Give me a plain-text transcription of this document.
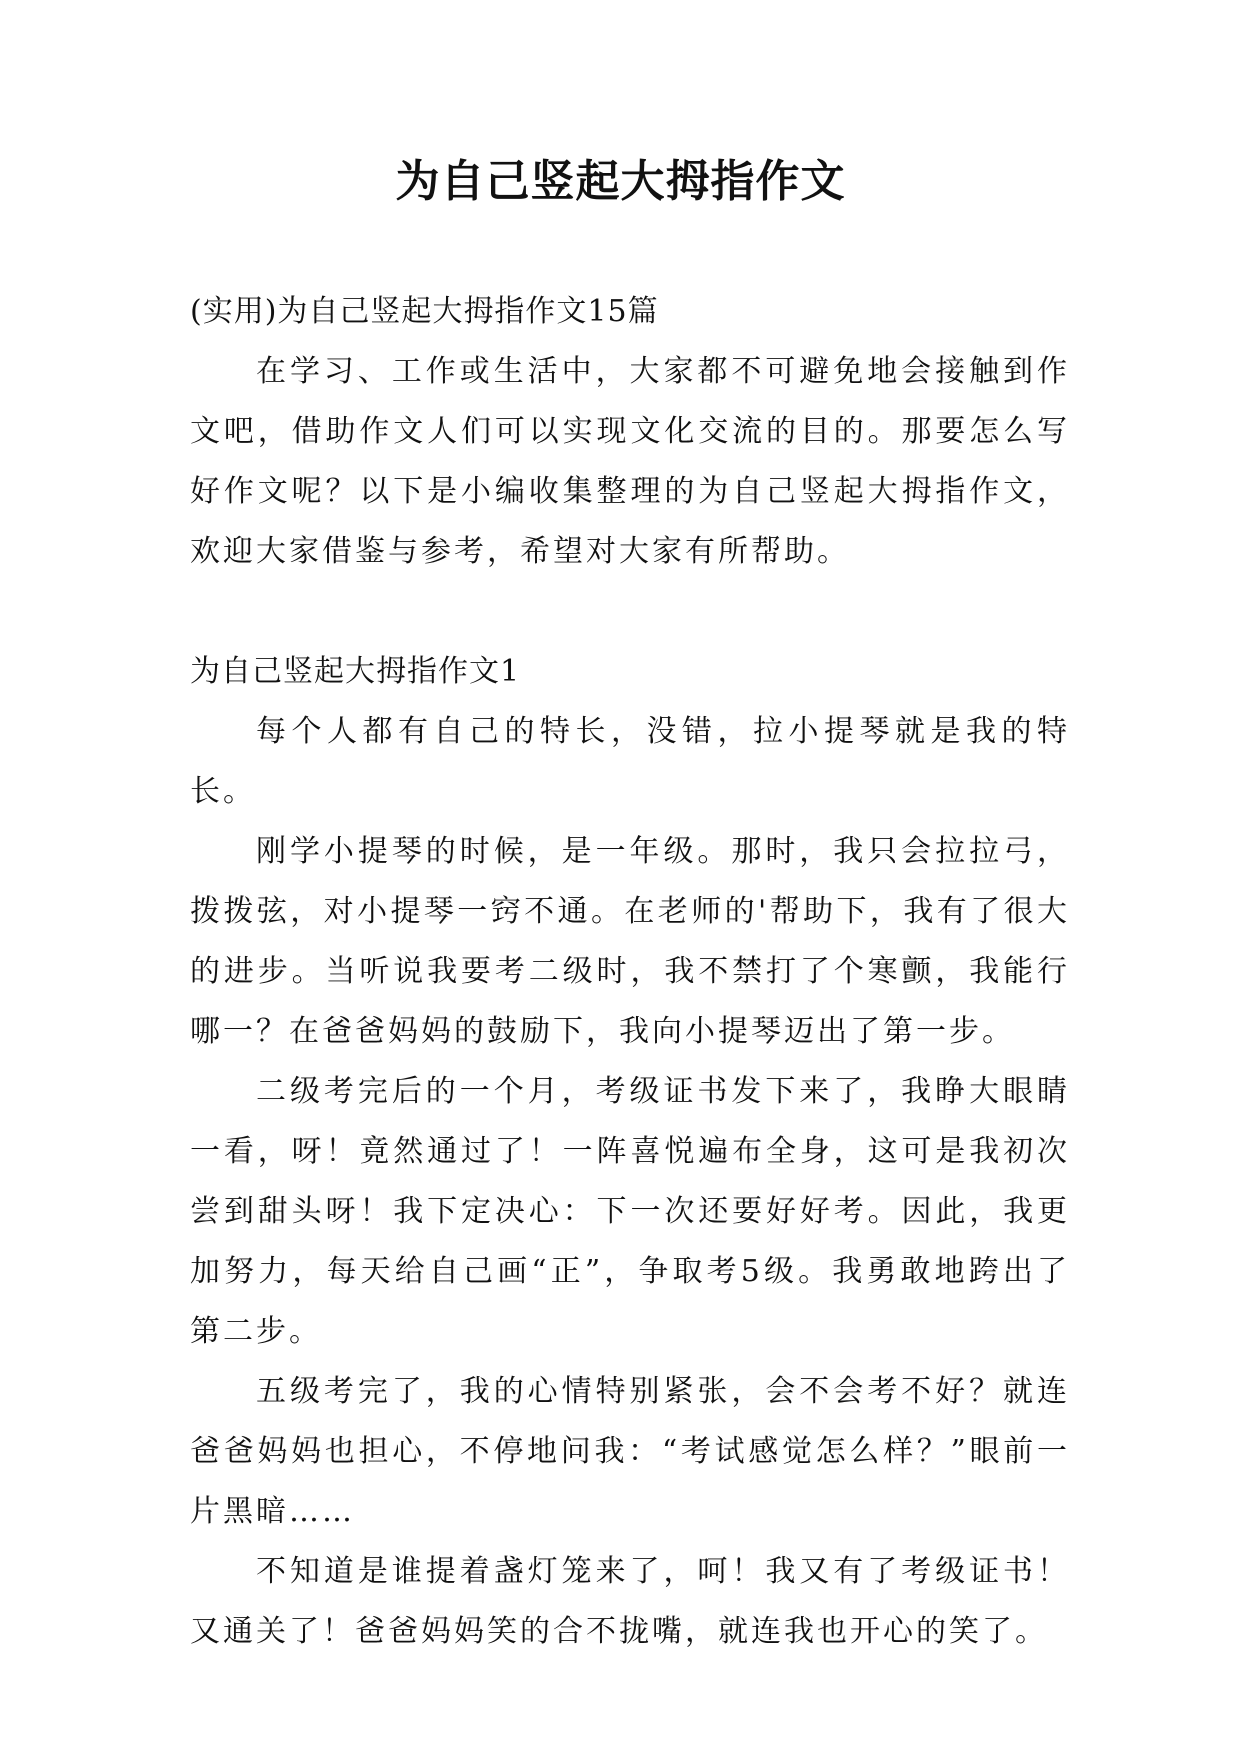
为自己竖起大拇指作文

(实用)为自己竖起大拇指作文15篇

在学习、工作或生活中，大家都不可避免地会接触到作文吧，借助作文人们可以实现文化交流的目的。那要怎么写好作文呢？以下是小编收集整理的为自己竖起大拇指作文，欢迎大家借鉴与参考，希望对大家有所帮助。

为自己竖起大拇指作文1

每个人都有自己的特长，没错，拉小提琴就是我的特长。

刚学小提琴的时候，是一年级。那时，我只会拉拉弓，拨拨弦，对小提琴一窍不通。在老师的'帮助下，我有了很大的进步。当听说我要考二级时，我不禁打了个寒颤，我能行哪一？在爸爸妈妈的鼓励下，我向小提琴迈出了第一步。

二级考完后的一个月，考级证书发下来了，我睁大眼睛一看，呀！竟然通过了！一阵喜悦遍布全身，这可是我初次尝到甜头呀！我下定决心：下一次还要好好考。因此，我更加努力，每天给自己画“正”，争取考5级。我勇敢地跨出了第二步。

五级考完了，我的心情特别紧张，会不会考不好？就连爸爸妈妈也担心，不停地问我：“考试感觉怎么样？”眼前一片黑暗……

不知道是谁提着盏灯笼来了，呵！我又有了考级证书！又通关了！爸爸妈妈笑的合不拢嘴，就连我也开心的笑了。
